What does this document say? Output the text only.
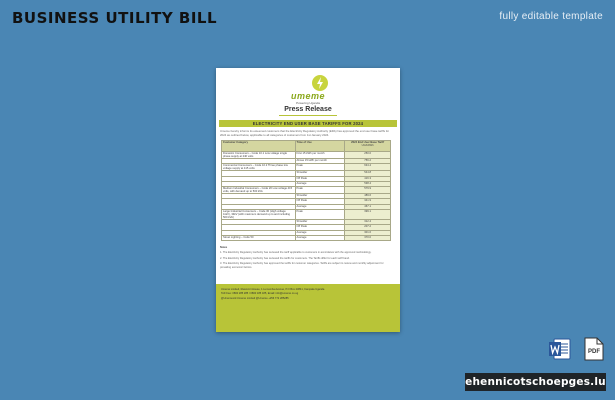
BUSINESS UTILITY BILL	fully editable template
umeme
Powering Uganda
Press Release
ELECTRICITY END USER BASE TARIFFS FOR 2024
Umeme hereby informs its esteemed customers that the Electricity Regulatory Authority (ERA) has approved the end user base tariffs for 2024 as outlined below, applicable to all categories of customers from 1st January 2024.
Customer Category	Time of Use	2024 End User Base Tariff
UGX/kWh

Domestic Consumers – Code 10.1 Low voltage single phase supply at 240 volts	First 15 kWh per month	250.0
	Above 15 kWh per month	756.2
Commercial Consumers – Code 10.2 Three phase low voltage supply at 415 volts	Peak	634.4
	Shoulder	544.8
	Off Peak	416.3
	Average	538.4
Medium Industrial Consumers – Code 20 Low voltage 415 volts, with demand up to 500 kVA	Peak	579.9
	Shoulder	489.6
	Off Peak	341.9
	Average	467.1
Large Industrial Consumers – Code 30 (High voltage 11kV), 33kV (with maximum demand up to and including 500 kVA)	Peak	399.1
	Shoulder	312.4
	Off Peak	207.2
	Average	301.6
Street Lighting – Code 50	Average	370.0
Notes
1. The Electricity Regulatory Authority has reviewed the tariff applicable to customers in accordance with the approved methodology.
2. The Electricity Regulatory Authority has reviewed the tariffs for customers. The Tariffs differ for each tariff band.
3. The Electricity Regulatory Authority has approved the tariffs for customer categories. Tariffs are subject to review and monthly adjustment for prevailing economic factors.
Umeme Limited, Rwenzori House, 1 Lumumba Avenue, P.O Box 23841, Kampala Uganda
Toll Free: 0800 285 285 / 0800 185 185, Email: info@umeme.co.ug
@UmemeLtd Umeme Limited @Umeme +256 772 285285
PDF
ehennicotschoepges.lu
